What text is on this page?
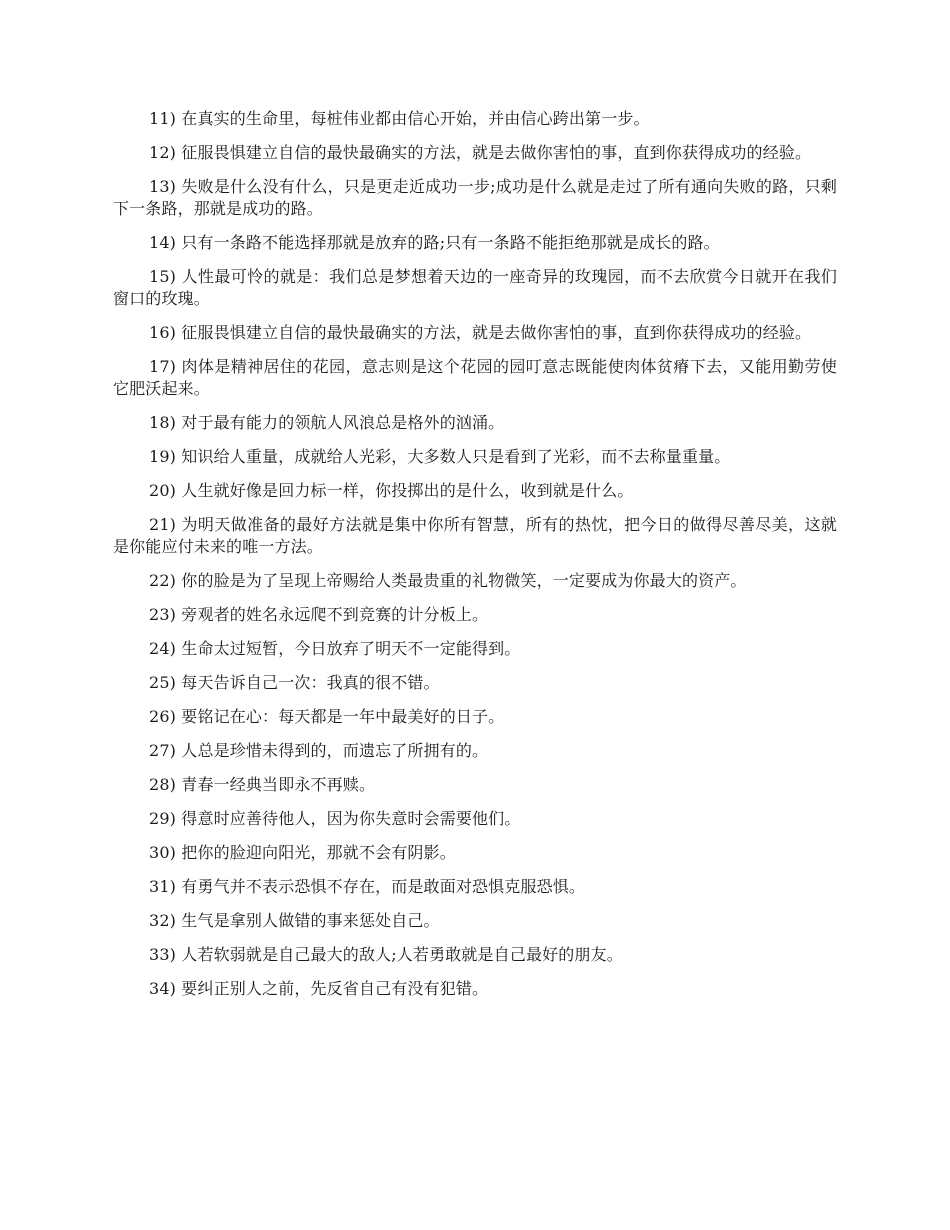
11) 在真实的生命里，每桩伟业都由信心开始，并由信心跨出第一步。

12) 征服畏惧建立自信的最快最确实的方法，就是去做你害怕的事，直到你获得成功的经验。

13) 失败是什么没有什么，只是更走近成功一步;成功是什么就是走过了所有通向失败的路，只剩下一条路，那就是成功的路。

14) 只有一条路不能选择那就是放弃的路;只有一条路不能拒绝那就是成长的路。

15) 人性最可怜的就是：我们总是梦想着天边的一座奇异的玫瑰园，而不去欣赏今日就开在我们窗口的玫瑰。

16) 征服畏惧建立自信的最快最确实的方法，就是去做你害怕的事，直到你获得成功的经验。

17) 肉体是精神居住的花园，意志则是这个花园的园叮意志既能使肉体贫瘠下去，又能用勤劳使它肥沃起来。

18) 对于最有能力的领航人风浪总是格外的汹涌。

19) 知识给人重量，成就给人光彩，大多数人只是看到了光彩，而不去称量重量。

20) 人生就好像是回力标一样，你投掷出的是什么，收到就是什么。

21) 为明天做准备的最好方法就是集中你所有智慧，所有的热忱，把今日的做得尽善尽美，这就是你能应付未来的唯一方法。

22) 你的脸是为了呈现上帝赐给人类最贵重的礼物微笑，一定要成为你最大的资产。

23) 旁观者的姓名永远爬不到竞赛的计分板上。

24) 生命太过短暂，今日放弃了明天不一定能得到。

25) 每天告诉自己一次：我真的很不错。

26) 要铭记在心：每天都是一年中最美好的日子。

27) 人总是珍惜未得到的，而遗忘了所拥有的。

28) 青春一经典当即永不再赎。

29) 得意时应善待他人，因为你失意时会需要他们。

30) 把你的脸迎向阳光，那就不会有阴影。

31) 有勇气并不表示恐惧不存在，而是敢面对恐惧克服恐惧。

32) 生气是拿别人做错的事来惩处自己。

33) 人若软弱就是自己最大的敌人;人若勇敢就是自己最好的朋友。

34) 要纠正别人之前，先反省自己有没有犯错。
